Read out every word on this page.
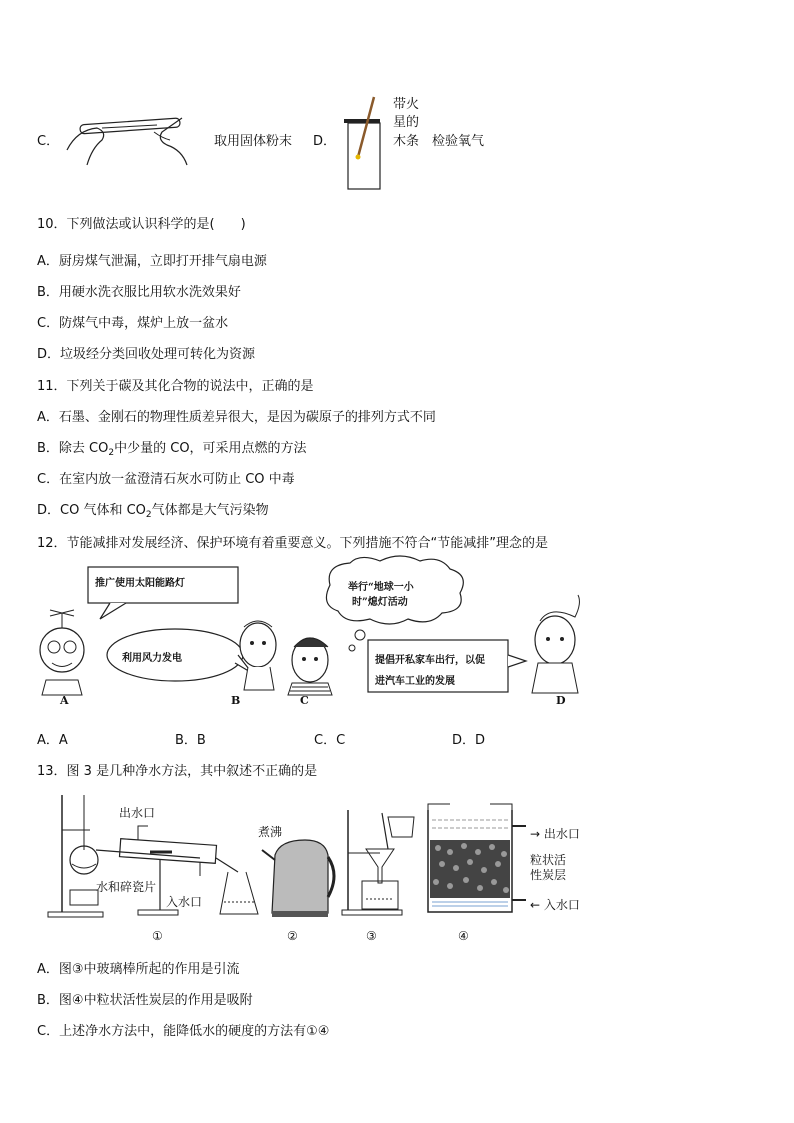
C．	取用固体粉末 D．
带火
星的
木条 检验氧气
10．下列做法或认识科学的是(　　)
A．厨房煤气泄漏，立即打开排气扇电源
B．用硬水洗衣服比用软水洗效果好
C．防煤气中毒，煤炉上放一盆水
D．垃圾经分类回收处理可转化为资源
11．下列关于碳及其化合物的说法中，正确的是
A．石墨、金刚石的物理性质差异很大，是因为碳原子的排列方式不同
B．除去 $CO_2$中少量的 CO，可采用点燃的方法
C．在室内放一盆澄清石灰水可防止 CO 中毒
D．CO 气体和 $CO_2$气体都是大气污染物
12．节能减排对发展经济、保护环境有着重要意义。下列措施不符合“节能减排”理念的是
推广使用太阳能路灯
利用风力发电
举行“地球一小
时”熄灯活动
提倡开私家车出行，以促
进汽车工业的发展
A	B	C	D
A．A	B．B	C．C	D．D
13．图 3 是几种净水方法，其中叙述不正确的是
出水口
水和碎瓷片
入水口
①
煮沸
②	③
→ 出水口
粒状活
性炭层
← 入水口
④
A．图③中玻璃棒所起的作用是引流
B．图④中粒状活性炭层的作用是吸附
C．上述净水方法中，能降低水的硬度的方法有①④
